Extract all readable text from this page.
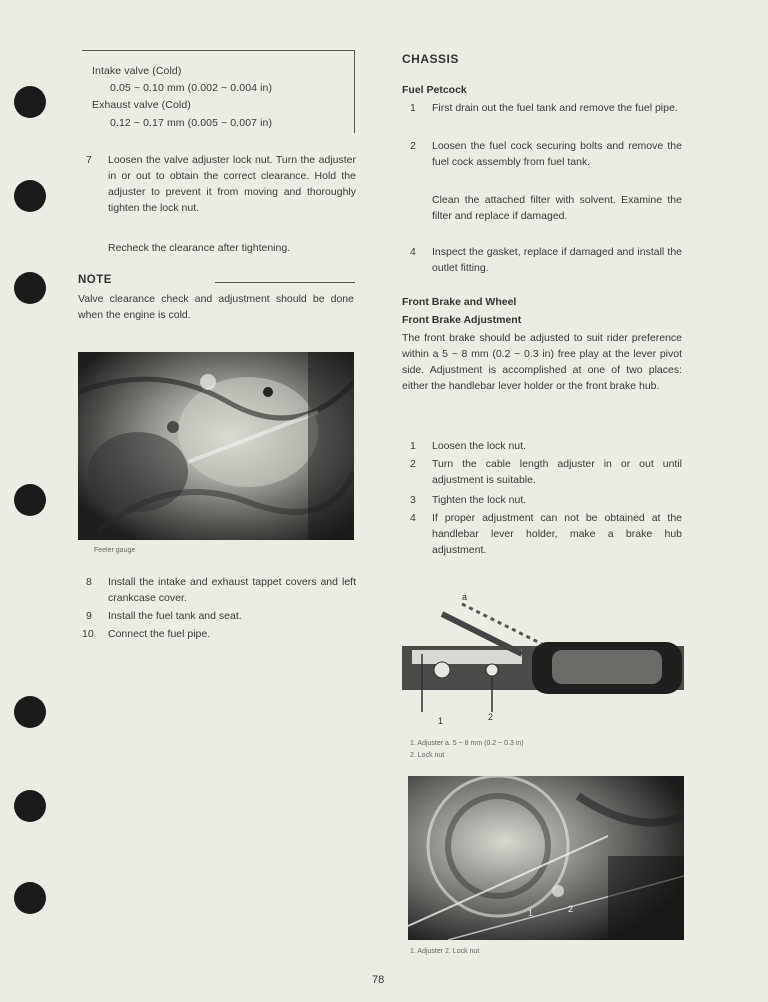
Intake valve (Cold)
0.05 ~ 0.10 mm (0.002 ~ 0.004 in)
Exhaust valve (Cold)
0.12 ~ 0.17 mm (0.005 ~ 0.007 in)
7 Loosen the valve adjuster lock nut. Turn the adjuster in or out to obtain the correct clearance. Hold the adjuster to prevent it from moving and thoroughly tighten the lock nut.
Recheck the clearance after tightening.
NOTE
Valve clearance check and adjustment should be done when the engine is cold.
Feeler gauge
8 Install the intake and exhaust tappet covers and left crankcase cover.
9 Install the fuel tank and seat.
10 Connect the fuel pipe.
CHASSIS
Fuel Petcock
1 First drain out the fuel tank and remove the fuel pipe.
2 Loosen the fuel cock securing bolts and remove the fuel cock assembly from fuel tank.
Clean the attached filter with solvent. Examine the filter and replace if damaged.
4 Inspect the gasket, replace if damaged and install the outlet fitting.
Front Brake and Wheel
Front Brake Adjustment
The front brake should be adjusted to suit rider preference within a 5 ~ 8 mm (0.2 ~ 0.3 in) free play at the lever pivot side. Adjustment is accomplished at one of two places: either the handlebar lever holder or the front brake hub.
1 Loosen the lock nut.
2 Turn the cable length adjuster in or out until adjustment is suitable.
3 Tighten the lock nut.
4 If proper adjustment can not be obtained at the handlebar lever holder, make a brake hub adjustment.
a
1	2
1. Adjuster a. 5 ~ 8 mm (0.2 ~ 0.3 in)
2. Lock nut
1	2
1. Adjuster 2. Lock nut
78
